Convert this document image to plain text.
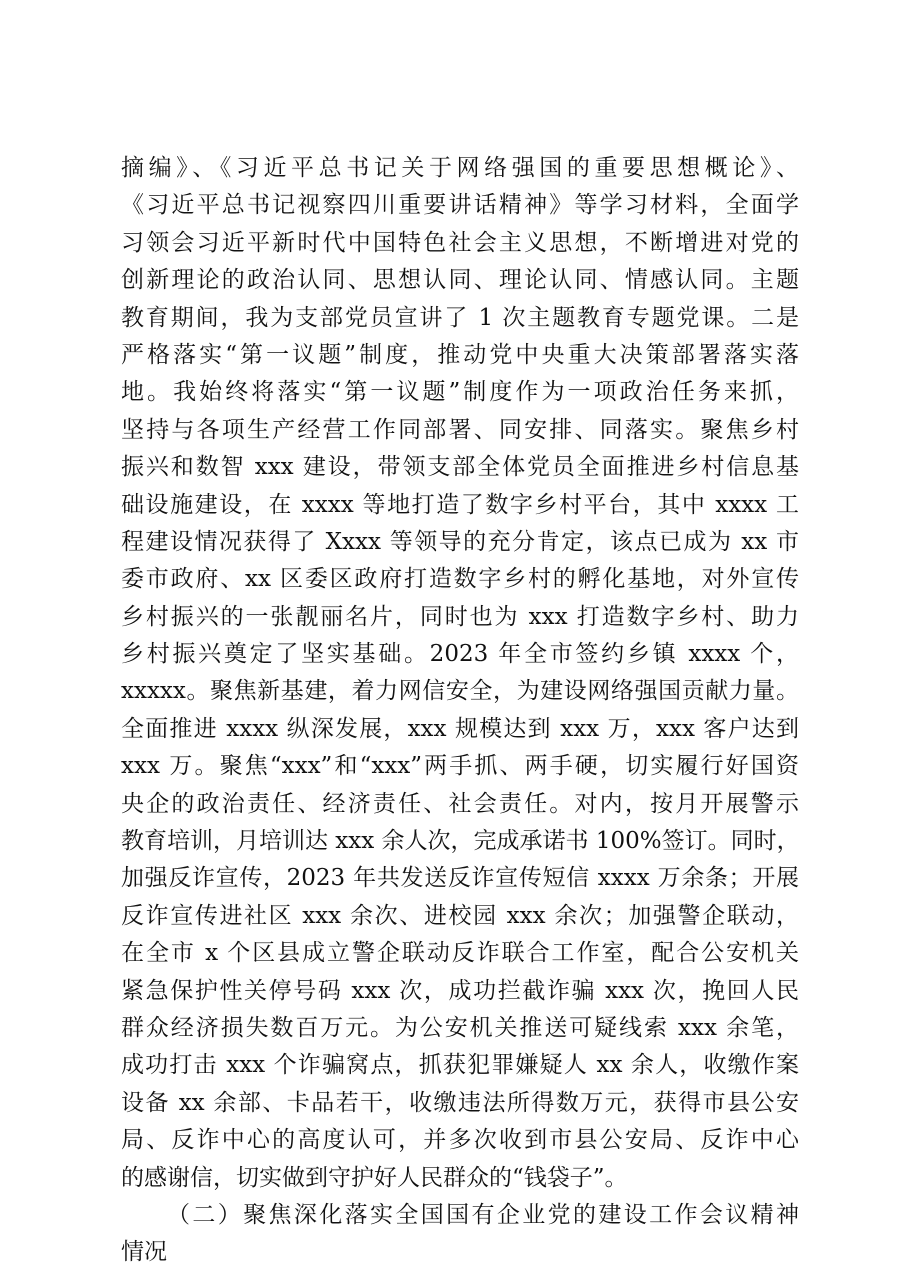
摘编》、《习近平总书记关于网络强国的重要思想概论》、
《习近平总书记视察四川重要讲话精神》等学习材料，全面学
习领会习近平新时代中国特色社会主义思想，不断增进对党的
创新理论的政治认同、思想认同、理论认同、情感认同。主题
教育期间，我为支部党员宣讲了 1 次主题教育专题党课。二是
严格落实“第一议题”制度，推动党中央重大决策部署落实落
地。我始终将落实“第一议题”制度作为一项政治任务来抓，
坚持与各项生产经营工作同部署、同安排、同落实。聚焦乡村
振兴和数智 xxx 建设，带领支部全体党员全面推进乡村信息基
础设施建设，在 xxxx 等地打造了数字乡村平台，其中 xxxx 工
程建设情况获得了 Xxxx 等领导的充分肯定，该点已成为 xx 市
委市政府、xx 区委区政府打造数字乡村的孵化基地，对外宣传
乡村振兴的一张靓丽名片，同时也为 xxx 打造数字乡村、助力
乡村振兴奠定了坚实基础。2023 年全市签约乡镇 xxxx 个，
xxxxx。聚焦新基建，着力网信安全，为建设网络强国贡献力量。
全面推进 xxxx 纵深发展，xxx 规模达到 xxx 万，xxx 客户达到
xxx 万。聚焦“xxx”和“xxx”两手抓、两手硬，切实履行好国资
央企的政治责任、经济责任、社会责任。对内，按月开展警示
教育培训，月培训达 xxx 余人次，完成承诺书 100%签订。同时，
加强反诈宣传，2023 年共发送反诈宣传短信 xxxx 万余条；开展
反诈宣传进社区 xxx 余次、进校园 xxx 余次；加强警企联动，
在全市 x 个区县成立警企联动反诈联合工作室，配合公安机关
紧急保护性关停号码 xxx 次，成功拦截诈骗 xxx 次，挽回人民
群众经济损失数百万元。为公安机关推送可疑线索 xxx 余笔，
成功打击 xxx 个诈骗窝点，抓获犯罪嫌疑人 xx 余人，收缴作案
设备 xx 余部、卡品若干，收缴违法所得数万元，获得市县公安
局、反诈中心的高度认可，并多次收到市县公安局、反诈中心
的感谢信，切实做到守护好人民群众的“钱袋子”。
（二）聚焦深化落实全国国有企业党的建设工作会议精神
情况
